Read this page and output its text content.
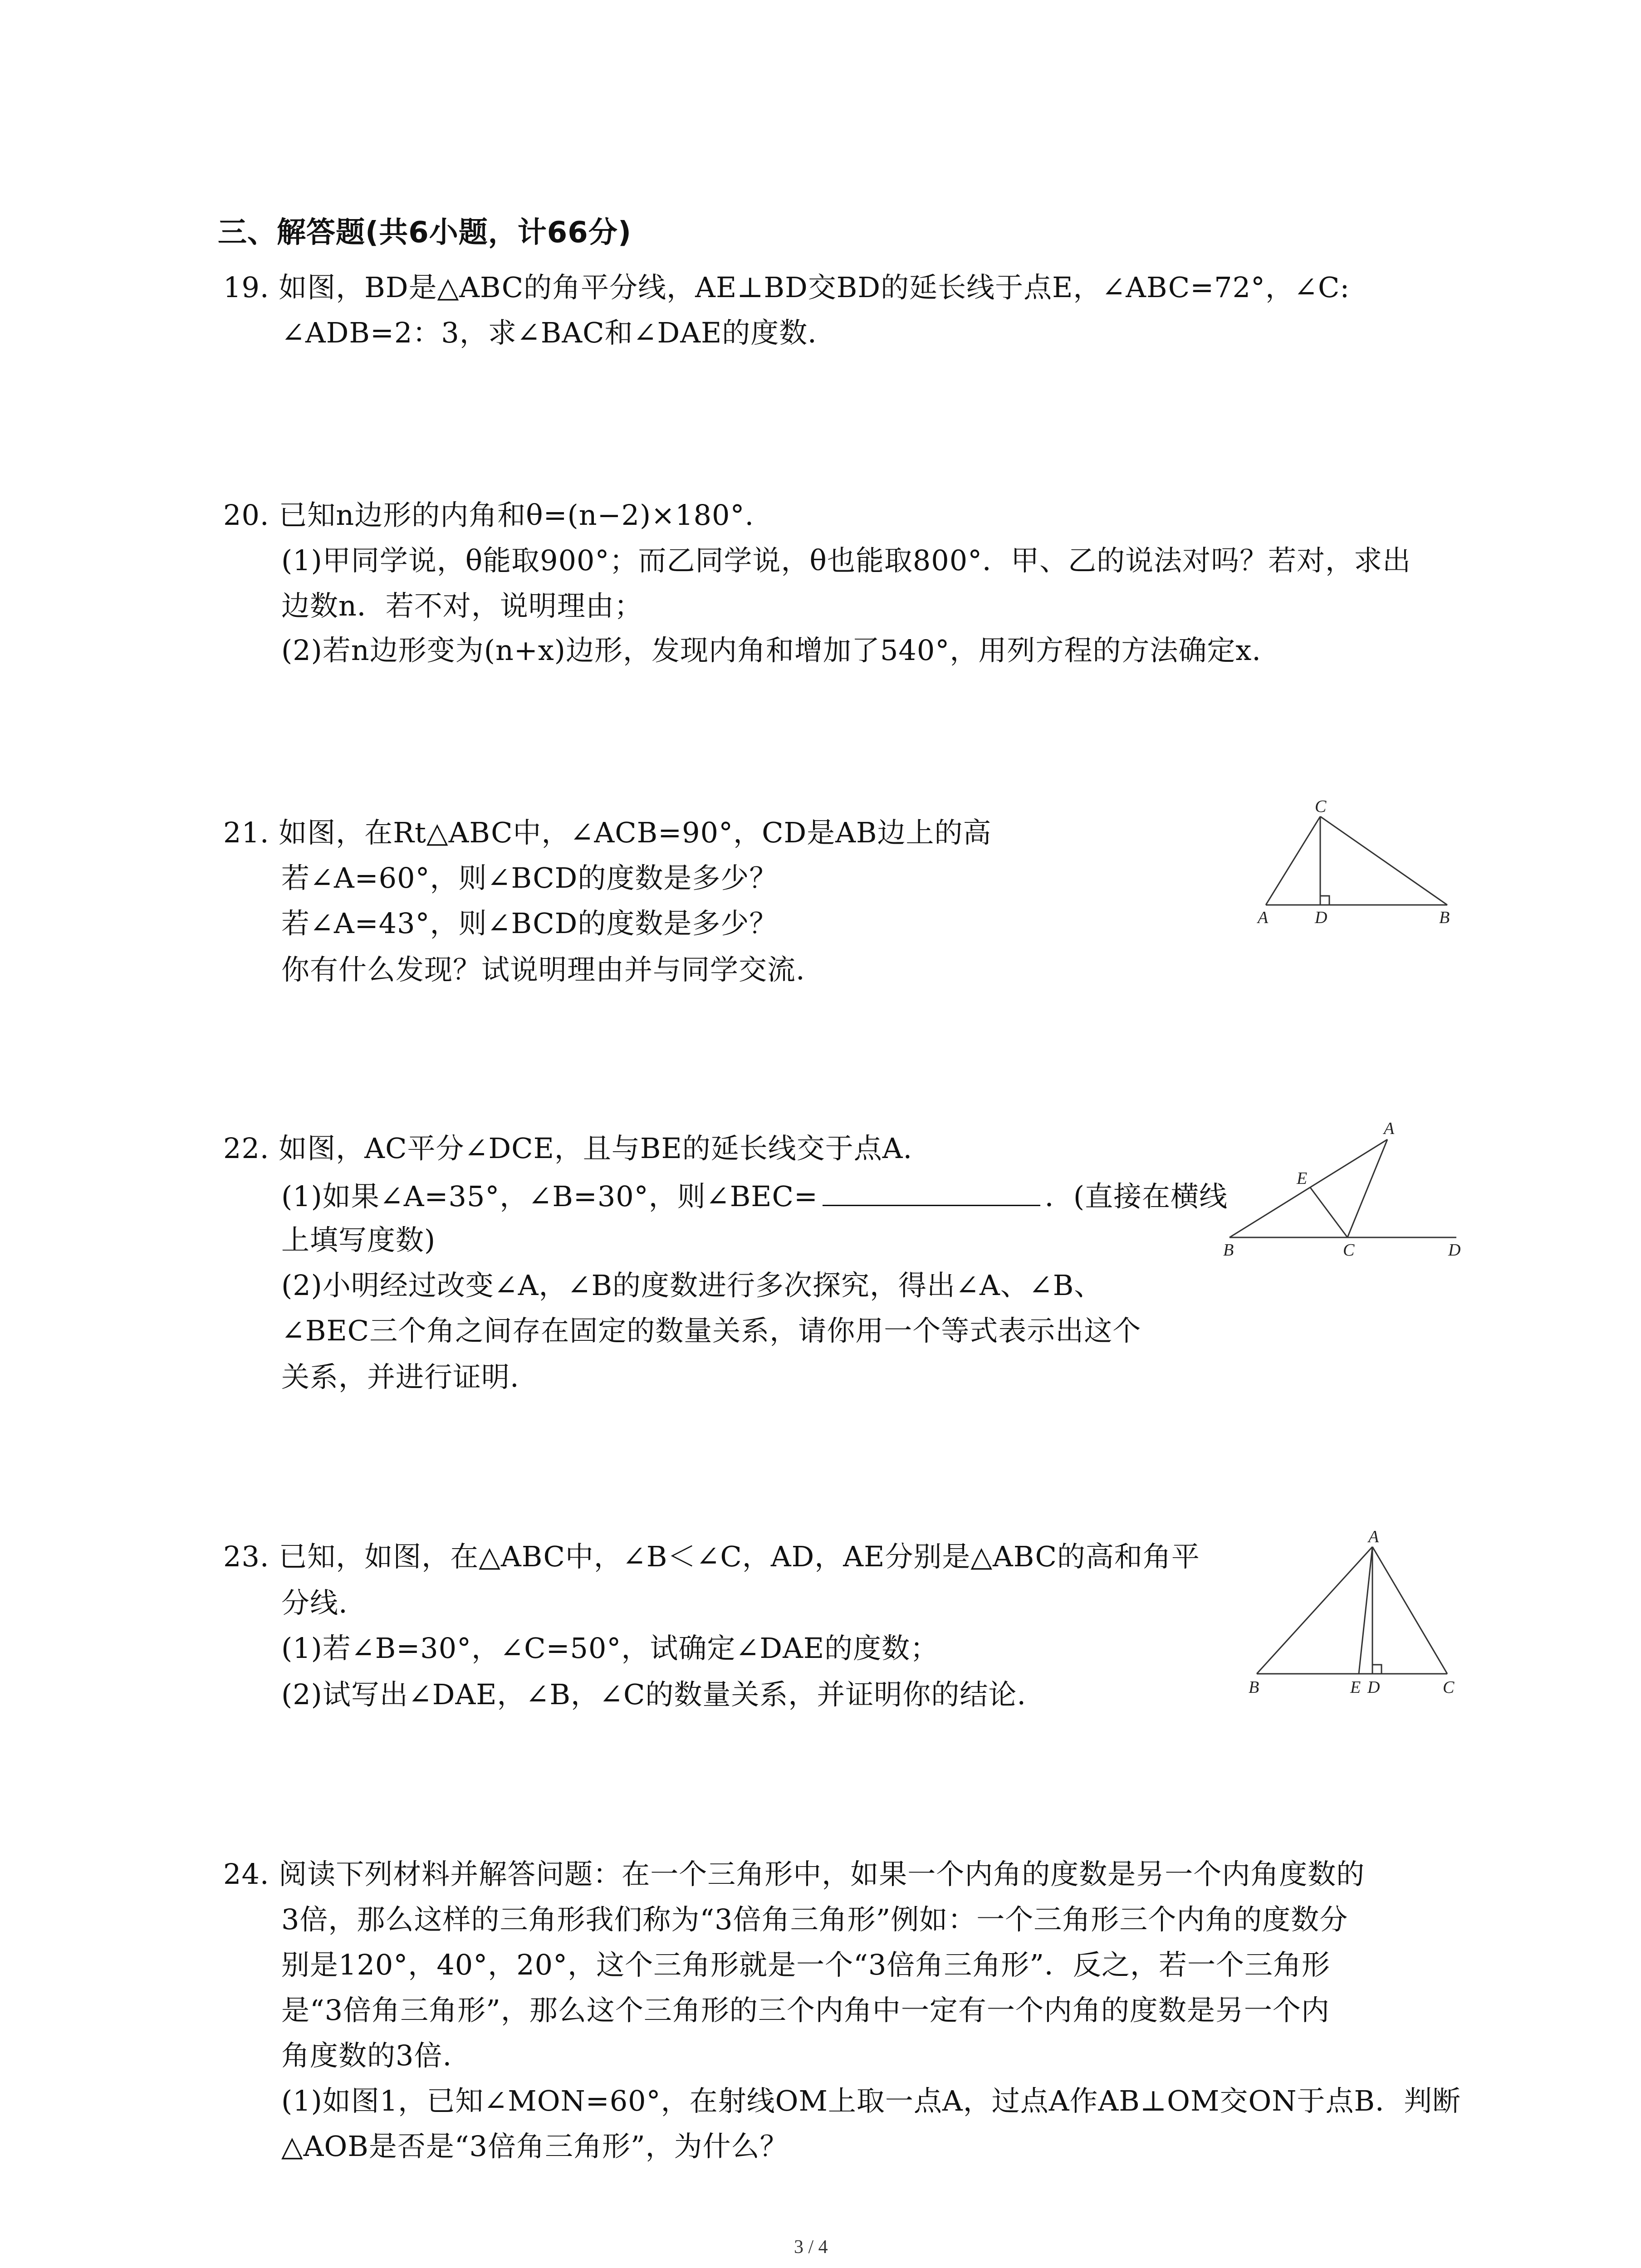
三、解答题(共6小题，计66分)
19. 如图，BD是△ABC的角平分线，AE⊥BD交BD的延长线于点E，∠ABC=72°，∠C:
∠ADB=2：3，求∠BAC和∠DAE的度数．
20. 已知n边形的内角和θ=(n−2)×180°.
(1)甲同学说，θ能取900°；而乙同学说，θ也能取800°．甲、乙的说法对吗？若对，求出
边数n．若不对，说明理由；
(2)若n边形变为(n+x)边形，发现内角和增加了540°，用列方程的方法确定x.
21. 如图，在Rt△ABC中，∠ACB=90°，CD是AB边上的高
若∠A=60°，则∠BCD的度数是多少？
若∠A=43°，则∠BCD的度数是多少？
你有什么发现？试说明理由并与同学交流.
C
A	D	B
22. 如图，AC平分∠DCE，且与BE的延长线交于点A.
(1)如果∠A=35°，∠B=30°，则∠BEC=	．(直接在横线
上填写度数)
(2)小明经过改变∠A，∠B的度数进行多次探究，得出∠A、∠B、
∠BEC三个角之间存在固定的数量关系，请你用一个等式表示出这个
关系，并进行证明.
A
E
B	C	D
23. 已知，如图，在△ABC中，∠B＜∠C，AD，AE分别是△ABC的高和角平
分线.
(1)若∠B=30°，∠C=50°，试确定∠DAE的度数；
(2)试写出∠DAE，∠B，∠C的数量关系，并证明你的结论.
A
B	E D	C
24. 阅读下列材料并解答问题：在一个三角形中，如果一个内角的度数是另一个内角度数的
3倍，那么这样的三角形我们称为“3倍角三角形”例如：一个三角形三个内角的度数分
别是120°，40°，20°，这个三角形就是一个“3倍角三角形”．反之，若一个三角形
是“3倍角三角形”，那么这个三角形的三个内角中一定有一个内角的度数是另一个内
角度数的3倍.
(1)如图1，已知∠MON=60°，在射线OM上取一点A，过点A作AB⊥OM交ON于点B．判断
△AOB是否是“3倍角三角形”，为什么？
3 / 4
